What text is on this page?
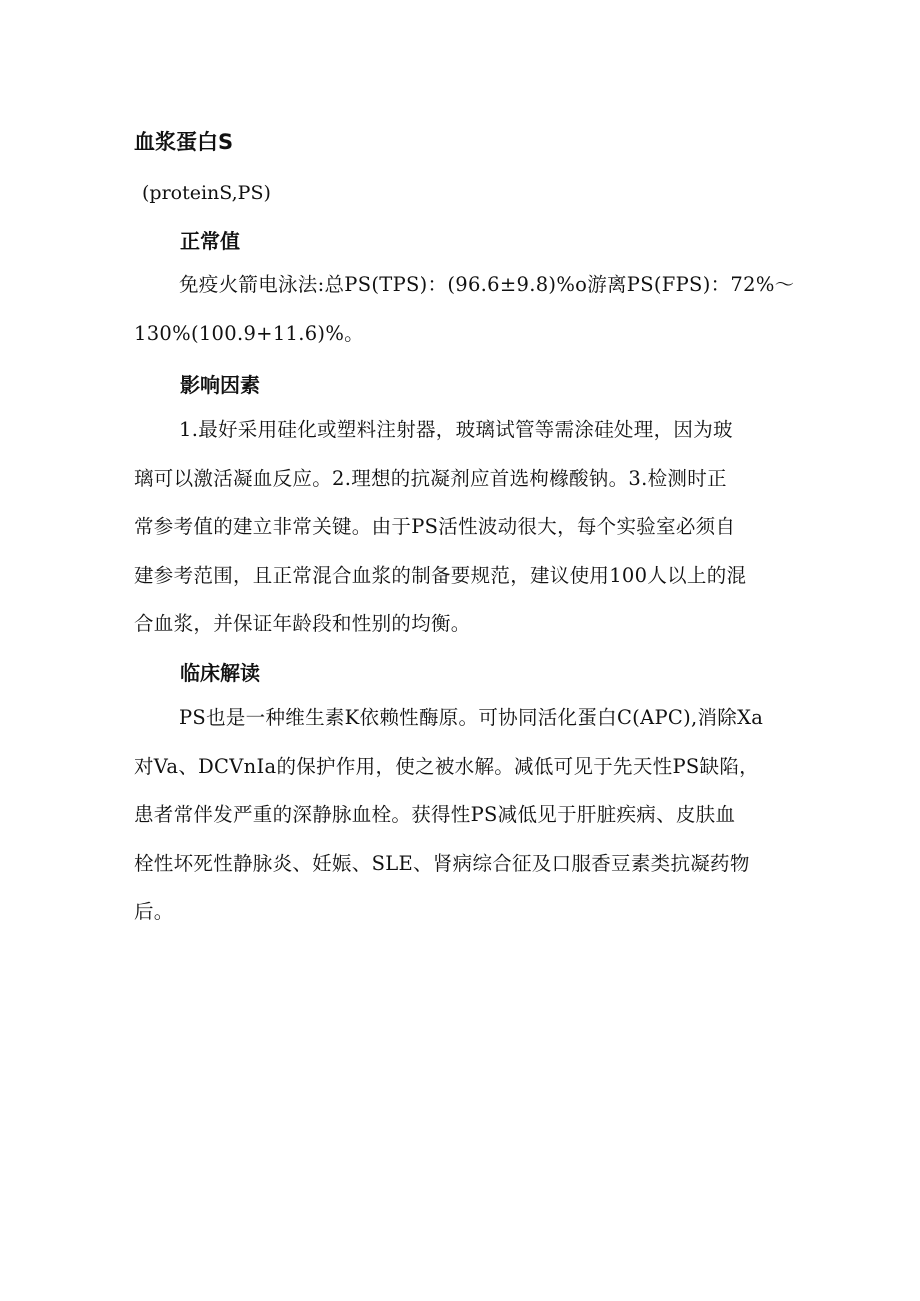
血浆蛋白S
(proteinS,PS)
正常值
免疫火箭电泳法:总PS(TPS)：(96.6±9.8)%o游离PS(FPS)：72%～
130%(100.9+11.6)%。
影响因素
1.最好采用硅化或塑料注射器，玻璃试管等需涂硅处理，因为玻
璃可以激活凝血反应。2.理想的抗凝剂应首选枸橼酸钠。3.检测时正
常参考值的建立非常关键。由于PS活性波动很大，每个实验室必须自
建参考范围，且正常混合血浆的制备要规范，建议使用100人以上的混
合血浆，并保证年龄段和性别的均衡。
临床解读
PS也是一种维生素K依赖性酶原。可协同活化蛋白C(APC),消除Xa
对Va、DCVnIa的保护作用，使之被水解。减低可见于先天性PS缺陷，
患者常伴发严重的深静脉血栓。获得性PS减低见于肝脏疾病、皮肤血
栓性坏死性静脉炎、妊娠、SLE、肾病综合征及口服香豆素类抗凝药物
后。
